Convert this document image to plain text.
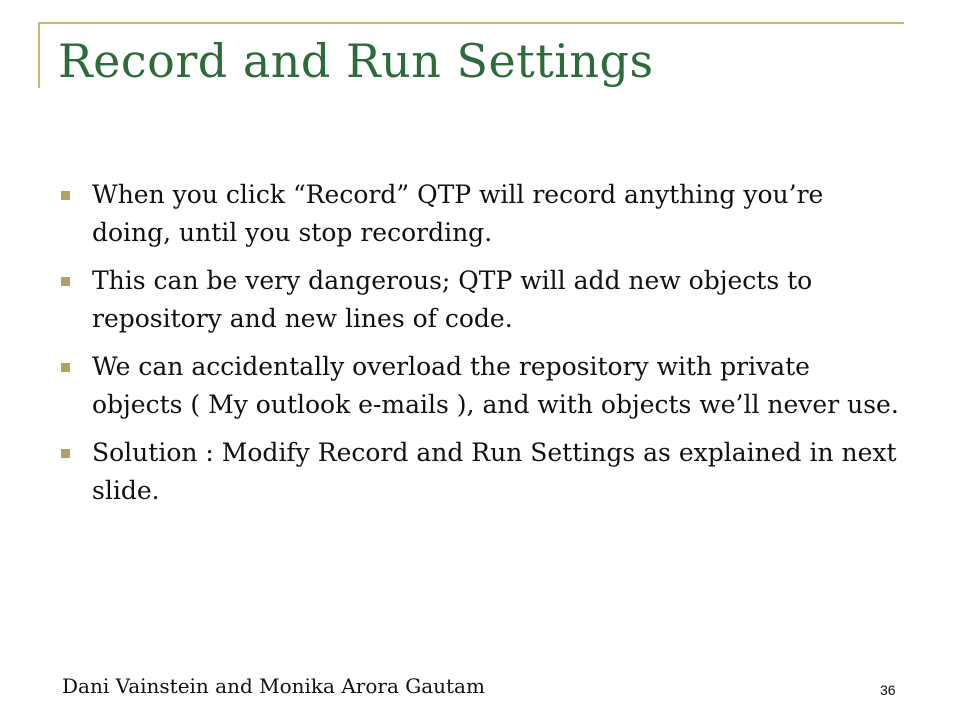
Record and Run Settings
When you click “Record” QTP will record anything you’re doing, until you stop recording.
This can be very dangerous; QTP will add new objects to repository and new lines of code.
We can accidentally overload the repository with private objects ( My outlook e-mails ), and with objects we’ll never use.
Solution : Modify Record and Run Settings as explained in next slide.
Dani Vainstein and Monika Arora Gautam	36
